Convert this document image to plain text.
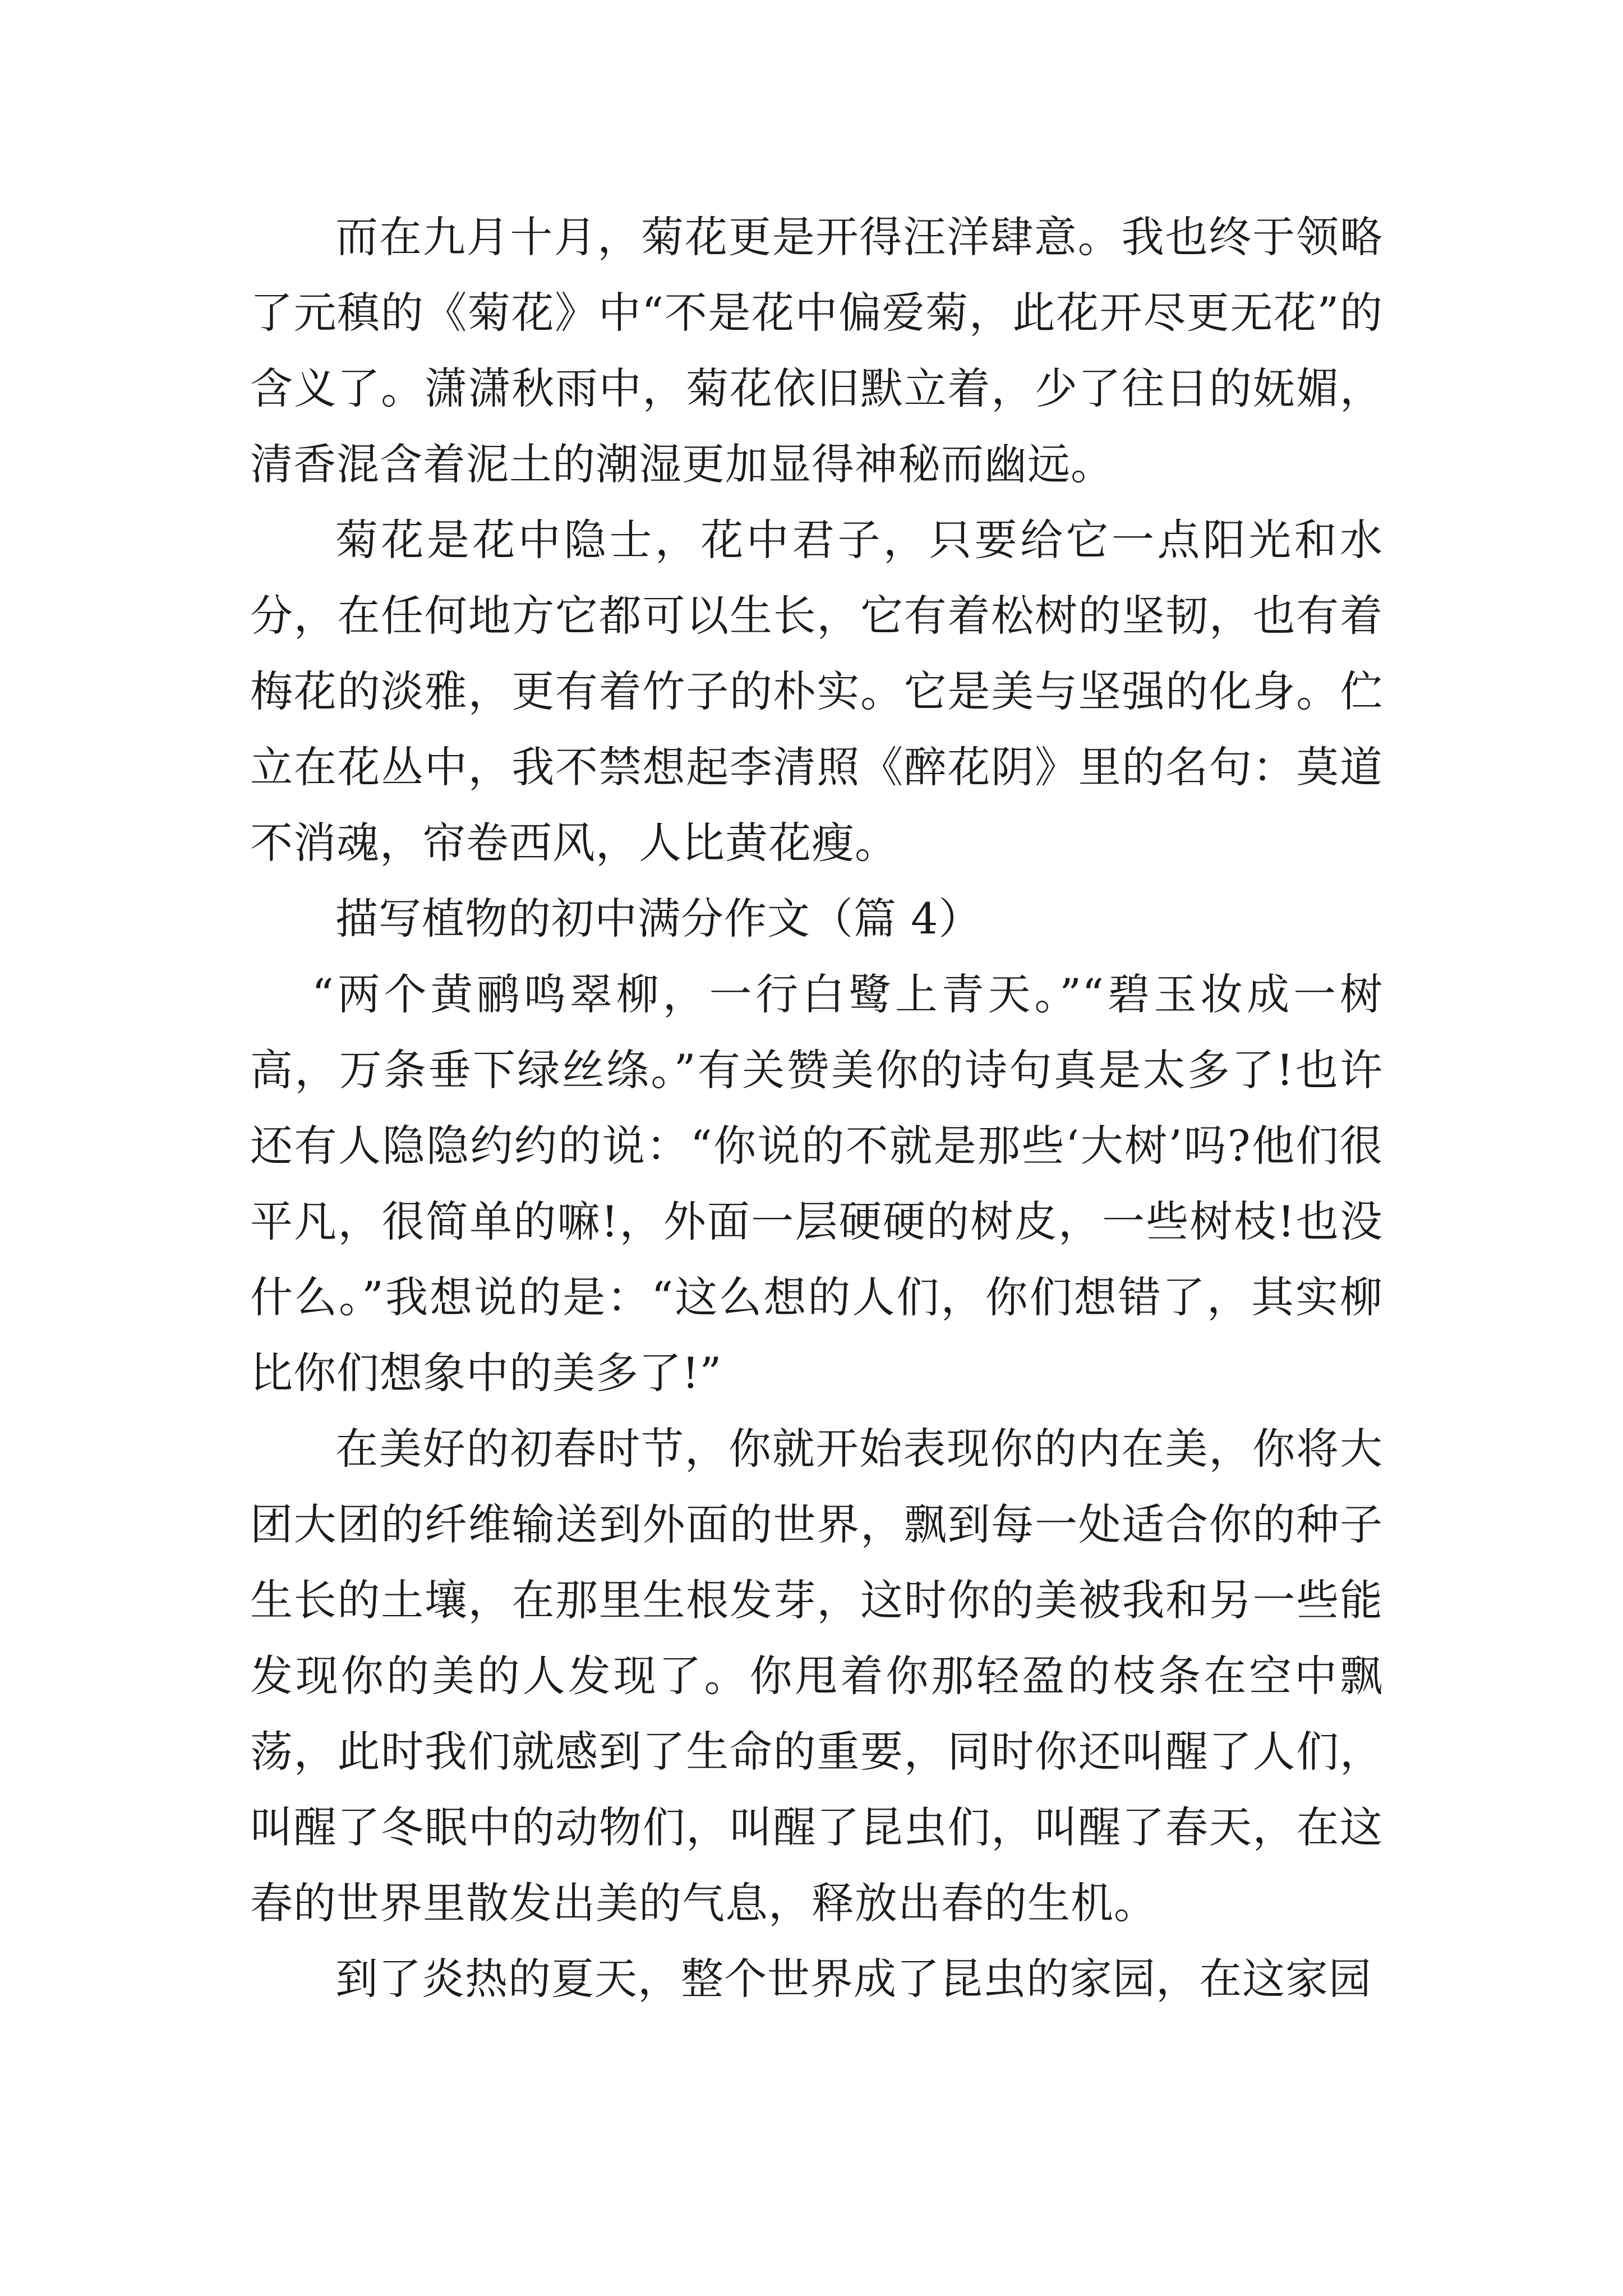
而在九月十月，菊花更是开得汪洋肆意。我也终于领略了元稹的《菊花》中“不是花中偏爱菊，此花开尽更无花”的含义了。潇潇秋雨中，菊花依旧默立着，少了往日的妩媚，清香混含着泥土的潮湿更加显得神秘而幽远。

菊花是花中隐士，花中君子，只要给它一点阳光和水分，在任何地方它都可以生长，它有着松树的坚韧，也有着梅花的淡雅，更有着竹子的朴实。它是美与坚强的化身。伫立在花丛中，我不禁想起李清照《醉花阴》里的名句：莫道不消魂，帘卷西风，人比黄花瘦。

描写植物的初中满分作文（篇 4）

“两个黄鹂鸣翠柳，一行白鹭上青天。”“碧玉妆成一树高，万条垂下绿丝绦。”有关赞美你的诗句真是太多了!也许还有人隐隐约约的说：“你说的不就是那些‘大树’吗?他们很平凡，很简单的嘛!，外面一层硬硬的树皮，一些树枝!也没什么。”我想说的是：“这么想的人们，你们想错了，其实柳比你们想象中的美多了!”

在美好的初春时节，你就开始表现你的内在美，你将大团大团的纤维输送到外面的世界，飘到每一处适合你的种子生长的土壤，在那里生根发芽，这时你的美被我和另一些能发现你的美的人发现了。你甩着你那轻盈的枝条在空中飘荡，此时我们就感到了生命的重要，同时你还叫醒了人们，叫醒了冬眠中的动物们，叫醒了昆虫们，叫醒了春天，在这春的世界里散发出美的气息，释放出春的生机。

到了炎热的夏天，整个世界成了昆虫的家园，在这家园
